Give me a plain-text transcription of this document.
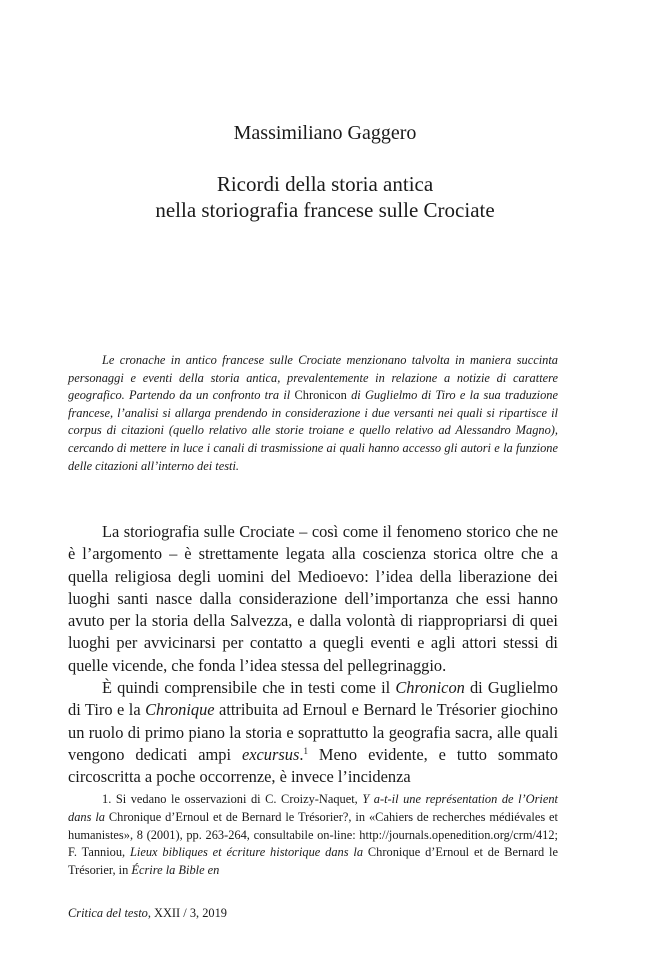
Massimiliano Gaggero
Ricordi della storia antica
nella storiografia francese sulle Crociate

Le cronache in antico francese sulle Crociate menzionano talvolta in maniera succinta personaggi e eventi della storia antica, prevalentemente in relazione a notizie di carattere geografico. Partendo da un confronto tra il Chronicon di Guglielmo di Tiro e la sua traduzione francese, l’analisi si allarga prendendo in considerazione i due versanti nei quali si ripartisce il corpus di citazioni (quello relativo alle storie troiane e quello relativo ad Alessandro Magno), cercando di mettere in luce i canali di trasmissione ai quali hanno accesso gli autori e la funzione delle citazioni all’interno dei testi.

La storiografia sulle Crociate – così come il fenomeno storico che ne è l’argomento – è strettamente legata alla coscienza storica oltre che a quella religiosa degli uomini del Medioevo: l’idea della liberazione dei luoghi santi nasce dalla considerazione dell’importanza che essi hanno avuto per la storia della Salvezza, e dalla volontà di riappropriarsi di quei luoghi per avvicinarsi per contatto a quegli eventi e agli attori stessi di quelle vicende, che fonda l’idea stessa del pellegrinaggio.

È quindi comprensibile che in testi come il Chronicon di Guglielmo di Tiro e la Chronique attribuita ad Ernoul e Bernard le Trésorier giochino un ruolo di primo piano la storia e soprattutto la geografia sacra, alle quali vengono dedicati ampi excursus.$^1$ Meno evidente, e tutto sommato circoscritta a poche occorrenze, è invece l’incidenza

1. Si vedano le osservazioni di C. Croizy-Naquet, Y a-t-il une représentation de l’Orient dans la Chronique d’Ernoul et de Bernard le Trésorier?, in «Cahiers de recherches médiévales et humanistes», 8 (2001), pp. 263-264, consultabile on-line: http://journals.openedition.org/crm/412; F. Tanniou, Lieux bibliques et écriture historique dans la Chronique d’Ernoul et de Bernard le Trésorier, in Écrire la Bible en

Critica del testo, XXII / 3, 2019
